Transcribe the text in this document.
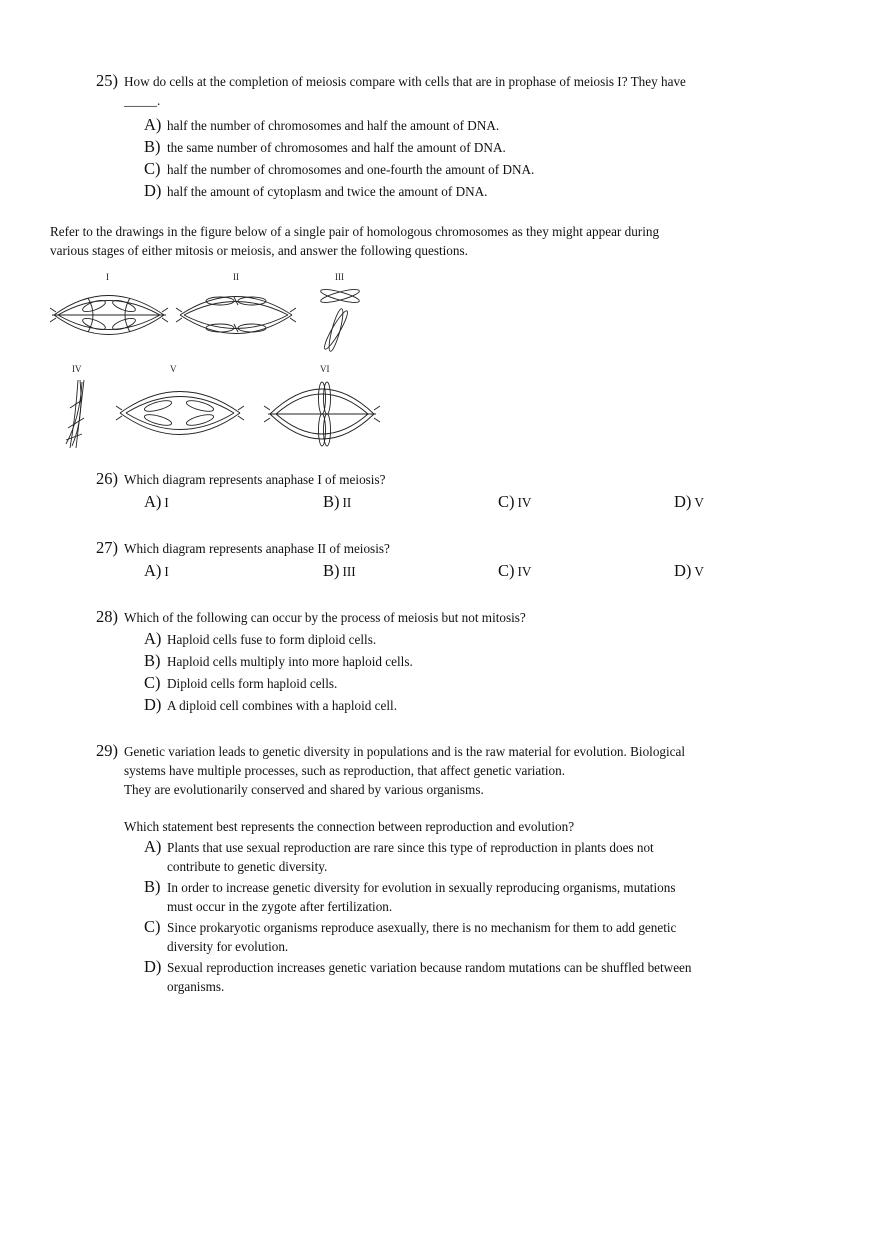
25) How do cells at the completion of meiosis compare with cells that are in prophase of meiosis I? They have
_____.
A) half the number of chromosomes and half the amount of DNA.
B) the same number of chromosomes and half the amount of DNA.
C) half the number of chromosomes and one-fourth the amount of DNA.
D) half the amount of cytoplasm and twice the amount of DNA.
Refer to the drawings in the figure below of a single pair of homologous chromosomes as they might appear during
various stages of either mitosis or meiosis, and answer the following questions.
I	II	III
IV	V	VI
26) Which diagram represents anaphase I of meiosis?
A) I	B) II	C) IV	D) V
27) Which diagram represents anaphase II of meiosis?
A) I	B) III	C) IV	D) V
28) Which of the following can occur by the process of meiosis but not mitosis?
A) Haploid cells fuse to form diploid cells.
B) Haploid cells multiply into more haploid cells.
C) Diploid cells form haploid cells.
D) A diploid cell combines with a haploid cell.
29) Genetic variation leads to genetic diversity in populations and is the raw material for evolution. Biological
systems have multiple processes, such as reproduction, that affect genetic variation.
They are evolutionarily conserved and shared by various organisms.
Which statement best represents the connection between reproduction and evolution?
A) Plants that use sexual reproduction are rare since this type of reproduction in plants does not
contribute to genetic diversity.
B) In order to increase genetic diversity for evolution in sexually reproducing organisms, mutations
must occur in the zygote after fertilization.
C) Since prokaryotic organisms reproduce asexually, there is no mechanism for them to add genetic
diversity for evolution.
D) Sexual reproduction increases genetic variation because random mutations can be shuffled between
organisms.
